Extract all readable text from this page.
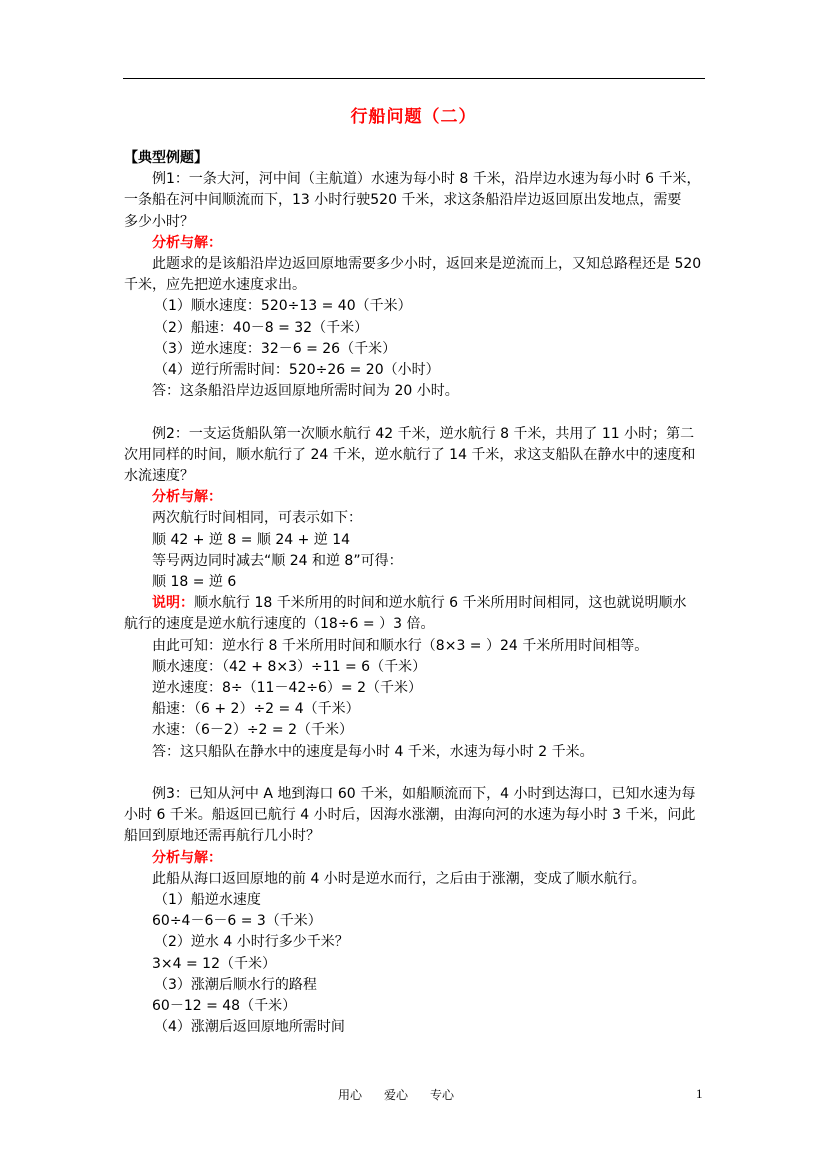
行船问题（二）

【典型例题】

例1：一条大河，河中间（主航道）水速为每小时 8 千米，沿岸边水速为每小时 6 千米，

一条船在河中间顺流而下，13 小时行驶520 千米，求这条船沿岸边返回原出发地点，需要

多少小时？

分析与解：

此题求的是该船沿岸边返回原地需要多少小时，返回来是逆流而上，又知总路程还是 520

千米，应先把逆水速度求出。

（1）顺水速度：520÷13 = 40（千米）

（2）船速：40－8 = 32（千米）

（3）逆水速度：32－6 = 26（千米）

（4）逆行所需时间：520÷26 = 20（小时）

答：这条船沿岸边返回原地所需时间为 20 小时。

例2：一支运货船队第一次顺水航行 42 千米，逆水航行 8 千米，共用了 11 小时；第二

次用同样的时间，顺水航行了 24 千米，逆水航行了 14 千米，求这支船队在静水中的速度和

水流速度？

分析与解：

两次航行时间相同，可表示如下：

顺 42 + 逆 8 = 顺 24 + 逆 14

等号两边同时减去“顺 24 和逆 8”可得：

顺 18 = 逆 6

说明：顺水航行 18 千米所用的时间和逆水航行 6 千米所用时间相同，这也就说明顺水

航行的速度是逆水航行速度的（18÷6 = ）3 倍。

由此可知：逆水行 8 千米所用时间和顺水行（8×3 = ）24 千米所用时间相等。

顺水速度：（42 + 8×3）÷11 = 6（千米）

逆水速度：8÷（11－42÷6）= 2（千米）

船速：（6 + 2）÷2 = 4（千米）

水速：（6－2）÷2 = 2（千米）

答：这只船队在静水中的速度是每小时 4 千米，水速为每小时 2 千米。

例3：已知从河中 A 地到海口 60 千米，如船顺流而下，4 小时到达海口，已知水速为每

小时 6 千米。船返回已航行 4 小时后，因海水涨潮，由海向河的水速为每小时 3 千米，问此

船回到原地还需再航行几小时？

分析与解：

此船从海口返回原地的前 4 小时是逆水而行，之后由于涨潮，变成了顺水航行。

（1）船逆水速度

60÷4－6－6 = 3（千米）

（2）逆水 4 小时行多少千米？

3×4 = 12（千米）

（3）涨潮后顺水行的路程

60－12 = 48（千米）

（4）涨潮后返回原地所需时间

用心 爱心 专心	1
